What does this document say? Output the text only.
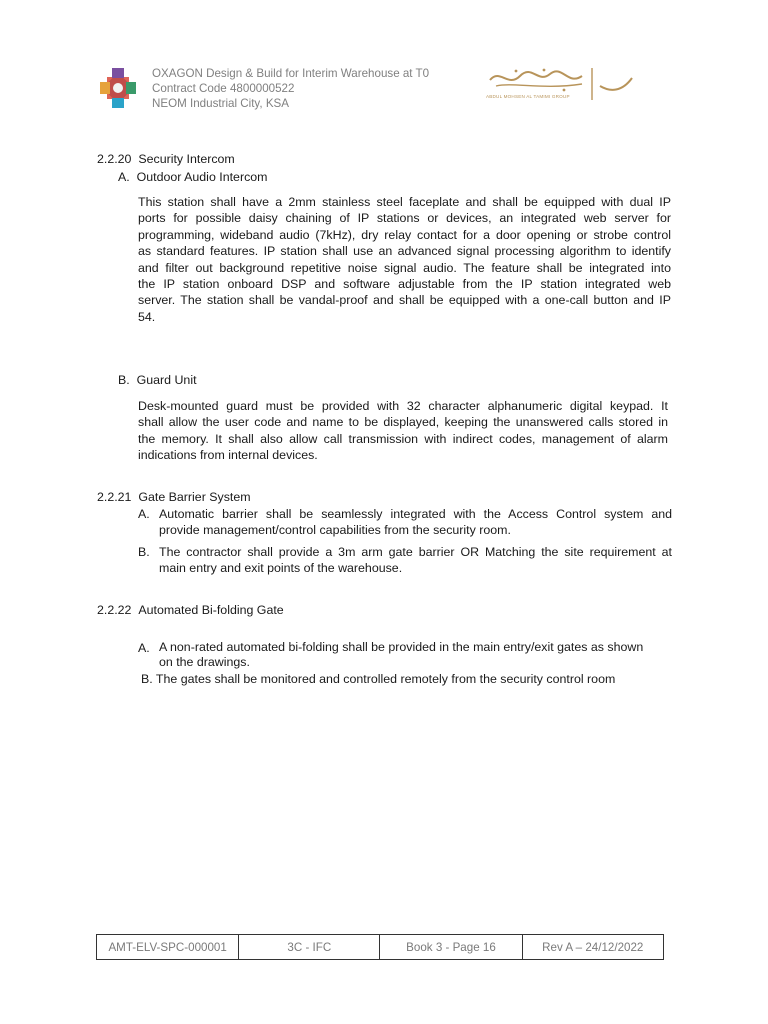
OXAGON Design & Build for Interim Warehouse at T0
Contract Code 4800000522
NEOM Industrial City, KSA
ABDUL MOHSEN AL TAMIMI GROUP
2.2.20 Security Intercom
A. Outdoor Audio Intercom
This station shall have a 2mm stainless steel faceplate and shall be equipped with dual IP
ports for possible daisy chaining of IP stations or devices, an integrated web server for
programming, wideband audio (7kHz), dry relay contact for a door opening or strobe control
as standard features. IP station shall use an advanced signal processing algorithm to identify
and filter out background repetitive noise signal audio. The feature shall be integrated into
the IP station onboard DSP and software adjustable from the IP station integrated web
server. The station shall be vandal-proof and shall be equipped with a one-call button and IP
54.
B. Guard Unit
Desk-mounted guard must be provided with 32 character alphanumeric digital keypad. It
shall allow the user code and name to be displayed, keeping the unanswered calls stored in
the memory. It shall also allow call transmission with indirect codes, management of alarm
indications from internal devices.
2.2.21 Gate Barrier System
A. Automatic barrier shall be seamlessly integrated with the Access Control system and
provide management/control capabilities from the security room.
B. The contractor shall provide a 3m arm gate barrier OR Matching the site requirement at
main entry and exit points of the warehouse.
2.2.22 Automated Bi-folding Gate
A. A non-rated automated bi-folding shall be provided in the main entry/exit gates as shown
on the drawings.
B. The gates shall be monitored and controlled remotely from the security control room
AMT-ELV-SPC-000001	3C - IFC	Book 3 - Page 16	Rev A – 24/12/2022
